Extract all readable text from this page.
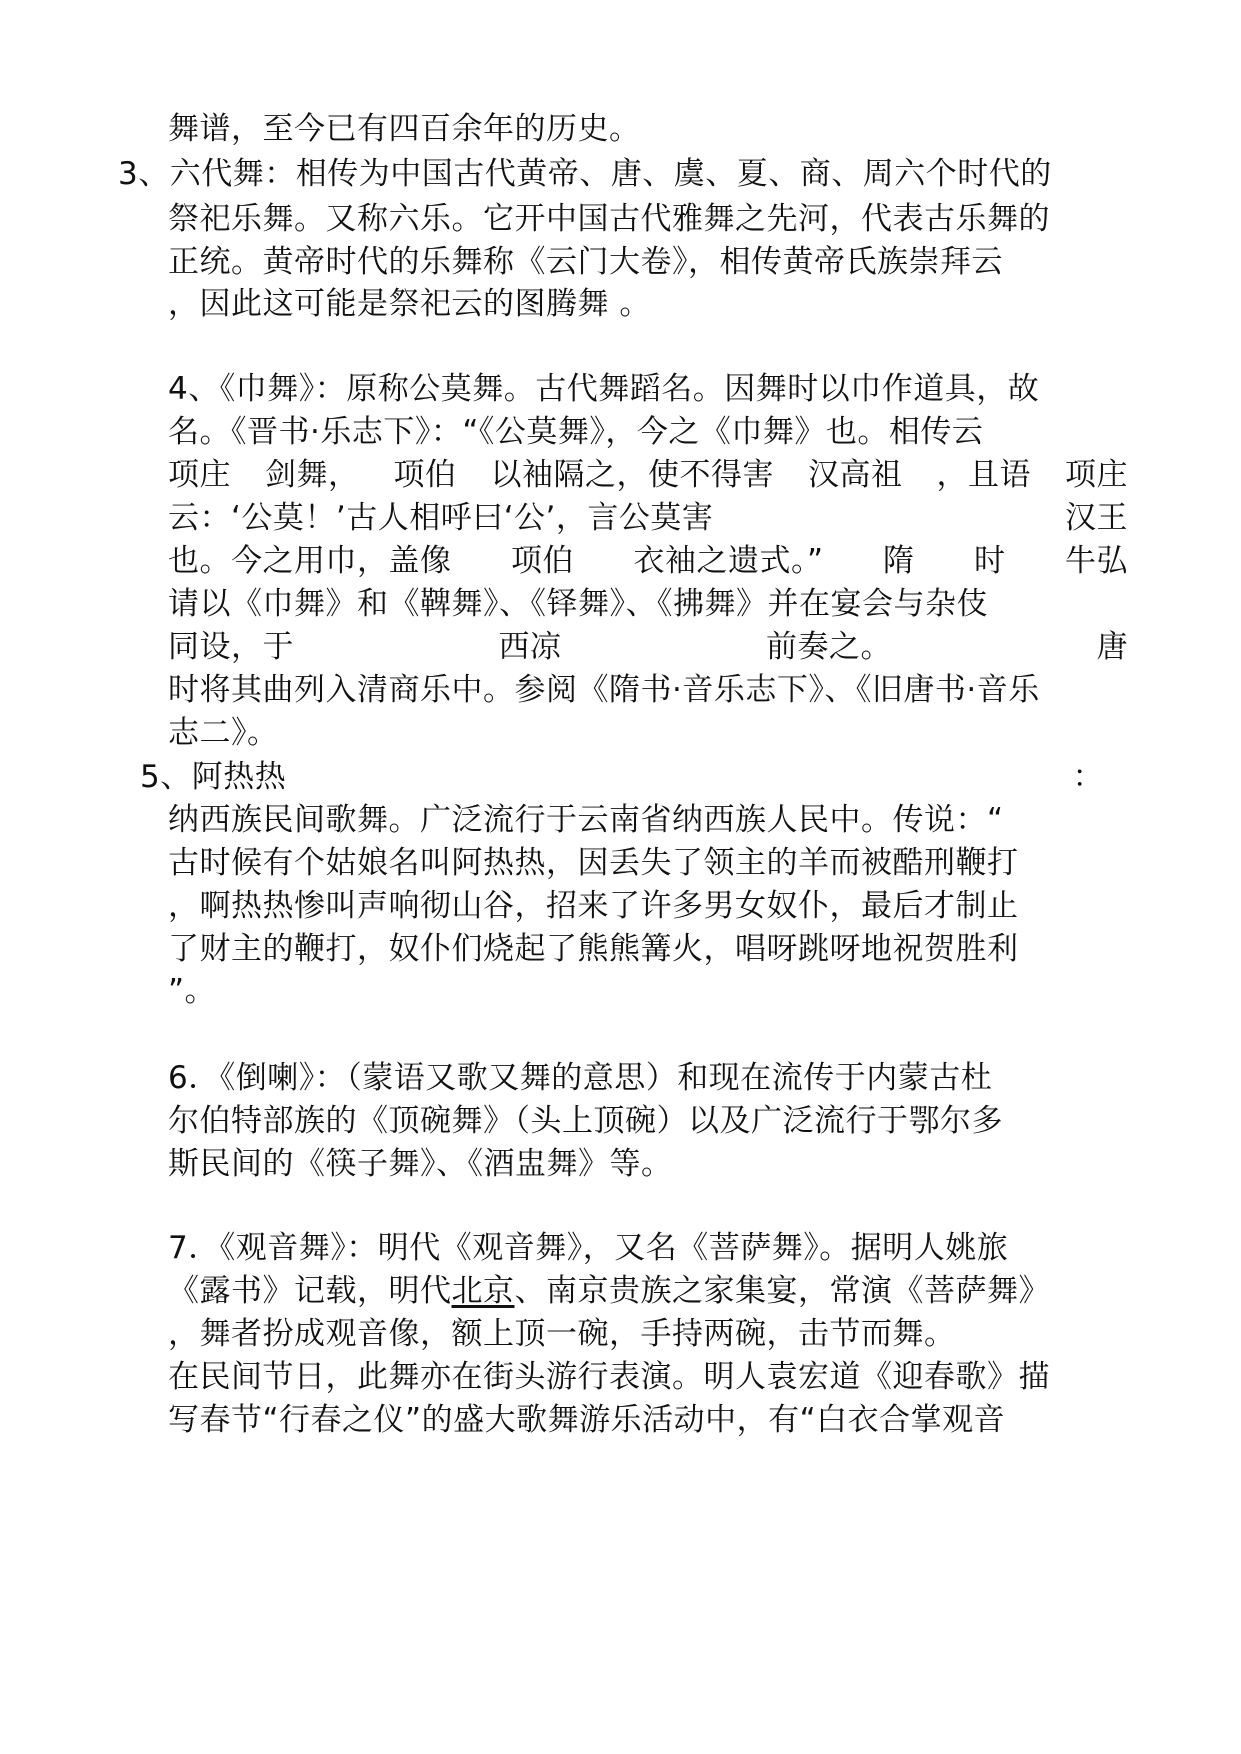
舞谱，至今已有四百余年的历史。
3、六代舞：相传为中国古代黄帝、唐、虞、夏、商、周六个时代的
祭祀乐舞。又称六乐。它开中国古代雅舞之先河，代表古乐舞的
正统。黄帝时代的乐舞称《云门大卷》，相传黄帝氏族崇拜云
，因此这可能是祭祀云的图腾舞 。
4、《巾舞》：原称公莫舞。古代舞蹈名。因舞时以巾作道具，故
名。《晋书·乐志下》：“《公莫舞》，今之《巾舞》也。相传云
项庄 剑舞， 项伯 以袖隔之，使不得害 汉高祖 ，且语 项庄
云：‘公莫！’古人相呼曰‘公’，言公莫害	汉王
也。今之用巾，盖像 项伯 衣袖之遗式。” 隋 时 牛弘
请以《巾舞》和《鞞舞》、《铎舞》、《拂舞》并在宴会与杂伎
同设，于	西凉	前奏之。	唐
时将其曲列入清商乐中。参阅《隋书·音乐志下》、《旧唐书·音乐
志二》。
5、阿热热	：
纳西族民间歌舞。广泛流行于云南省纳西族人民中。传说：“
古时候有个姑娘名叫阿热热，因丢失了领主的羊而被酷刑鞭打
，啊热热惨叫声响彻山谷，招来了许多男女奴仆，最后才制止
了财主的鞭打，奴仆们烧起了熊熊篝火，唱呀跳呀地祝贺胜利
”。
6．《倒喇》：（蒙语又歌又舞的意思）和现在流传于内蒙古杜
尔伯特部族的《顶碗舞》（头上顶碗）以及广泛流行于鄂尔多
斯民间的《筷子舞》、《酒盅舞》等。
7．《观音舞》：明代《观音舞》，又名《菩萨舞》。据明人姚旅
《露书》记载，明代北京、南京贵族之家集宴，常演《菩萨舞》
，舞者扮成观音像，额上顶一碗，手持两碗，击节而舞。
在民间节日，此舞亦在街头游行表演。明人袁宏道《迎春歌》描
写春节“行春之仪”的盛大歌舞游乐活动中，有“白衣合掌观音
